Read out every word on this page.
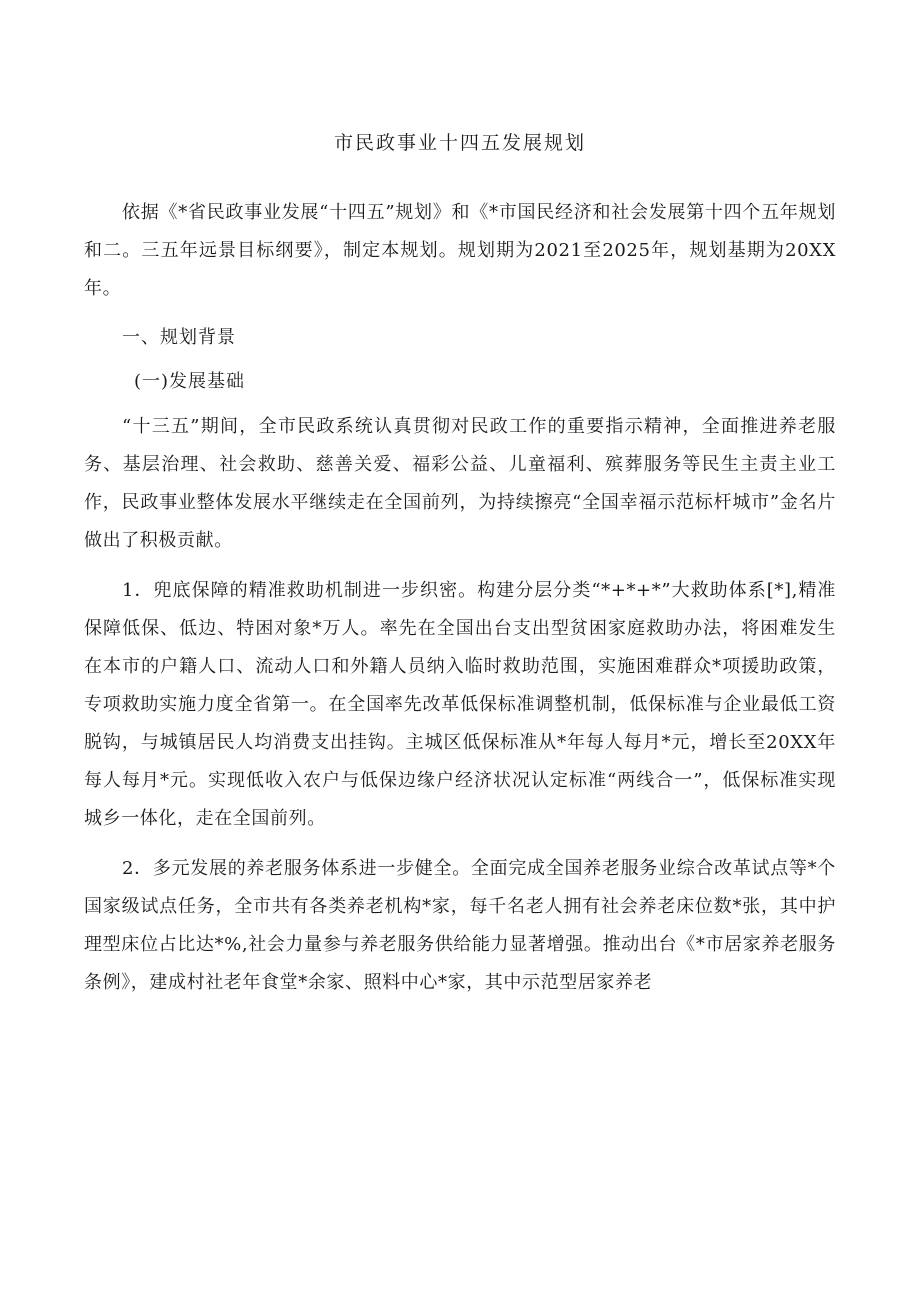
市民政事业十四五发展规划

依据《*省民政事业发展“十四五”规划》和《*市国民经济和社会发展第十四个五年规划和二。三五年远景目标纲要》，制定本规划。规划期为2021至2025年，规划基期为20XX年。

一、规划背景
(一)发展基础

“十三五”期间，全市民政系统认真贯彻对民政工作的重要指示精神，全面推进养老服务、基层治理、社会救助、慈善关爱、福彩公益、儿童福利、殡葬服务等民生主责主业工作，民政事业整体发展水平继续走在全国前列，为持续擦亮“全国幸福示范标杆城市”金名片做出了积极贡献。

1．兜底保障的精准救助机制进一步织密。构建分层分类“*+*+*”大救助体系[*],精准保障低保、低边、特困对象*万人。率先在全国出台支出型贫困家庭救助办法，将困难发生在本市的户籍人口、流动人口和外籍人员纳入临时救助范围，实施困难群众*项援助政策，专项救助实施力度全省第一。在全国率先改革低保标准调整机制，低保标准与企业最低工资脱钩，与城镇居民人均消费支出挂钩。主城区低保标准从*年每人每月*元，增长至20XX年每人每月*元。实现低收入农户与低保边缘户经济状况认定标准“两线合一”，低保标准实现城乡一体化，走在全国前列。

2．多元发展的养老服务体系进一步健全。全面完成全国养老服务业综合改革试点等*个国家级试点任务，全市共有各类养老机构*家，每千名老人拥有社会养老床位数*张，其中护理型床位占比达*%,社会力量参与养老服务供给能力显著增强。推动出台《*市居家养老服务条例》，建成村社老年食堂*余家、照料中心*家，其中示范型居家养老
